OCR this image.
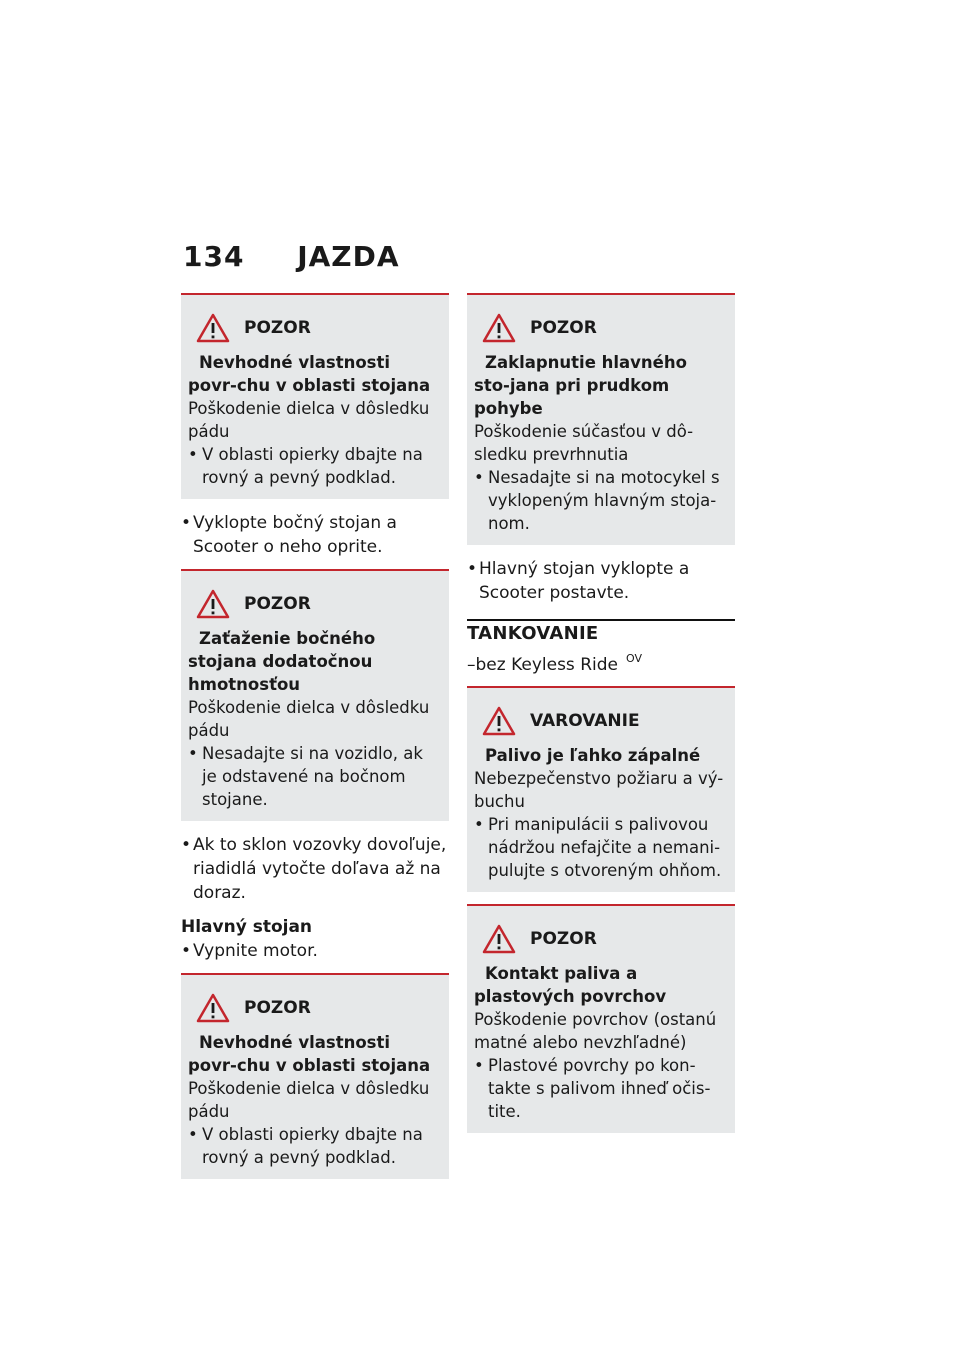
134 JAZDA
POZOR
Nevhodné vlastnosti povr-chu v oblasti stojana
Poškodenie dielca v dôsledku pádu
• V oblasti opierky dbajte na rovný a pevný podklad.
• Vyklopte bočný stojan a Scooter o neho oprite.
POZOR
Zaťaženie bočného stojana dodatočnou hmotnosťou
Poškodenie dielca v dôsledku pádu
• Nesadajte si na vozidlo, ak je odstavené na bočnom stojane.
• Ak to sklon vozovky dovoľuje, riadidlá vytočte doľava až na doraz.
Hlavný stojan
• Vypnite motor.
POZOR
Nevhodné vlastnosti povr-chu v oblasti stojana
Poškodenie dielca v dôsledku pádu
• V oblasti opierky dbajte na rovný a pevný podklad.
POZOR
Zaklapnutie hlavného sto-jana pri prudkom pohybe
Poškodenie súčasťou v dô-sledku prevrhnutia
• Nesadajte si na motocykel s vyklopeným hlavným stoja-nom.
• Hlavný stojan vyklopte a Scooter postavte.
TANKOVANIE
–bez Keyless Ride $^{OV}$
VAROVANIE
Palivo je ľahko zápalné
Nebezpečenstvo požiaru a vý-buchu
• Pri manipulácii s palivovou nádržou nefajčite a nemani-pulujte s otvoreným ohňom.
POZOR
Kontakt paliva a plastových povrchov
Poškodenie povrchov (ostanú matné alebo nevzhľadné)
• Plastové povrchy po kon-takte s palivom ihneď očis-tite.
